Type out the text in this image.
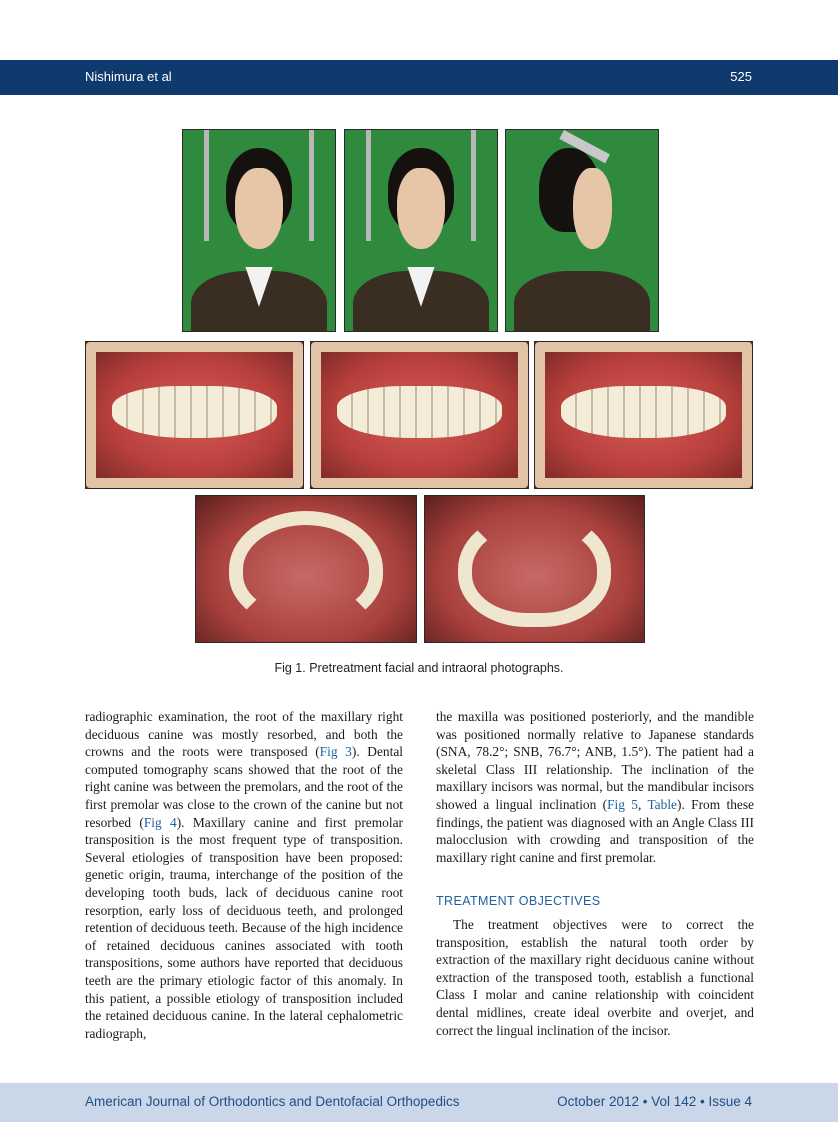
Nishimura et al	525
Fig 1. Pretreatment facial and intraoral photographs.

radiographic examination, the root of the maxillary right deciduous canine was mostly resorbed, and both the crowns and the roots were transposed (Fig 3). Dental computed tomography scans showed that the root of the right canine was between the premolars, and the root of the first premolar was close to the crown of the canine but not resorbed (Fig 4). Maxillary canine and first premolar transposition is the most frequent type of transposition. Several etiologies of transposition have been proposed: genetic origin, trauma, interchange of the position of the developing tooth buds, lack of deciduous canine root resorption, early loss of deciduous teeth, and prolonged retention of deciduous teeth. Because of the high incidence of retained deciduous canines associated with tooth transpositions, some authors have reported that deciduous teeth are the primary etiologic factor of this anomaly. In this patient, a possible etiology of transposition included the retained deciduous canine. In the lateral cephalometric radiograph,

the maxilla was positioned posteriorly, and the mandible was positioned normally relative to Japanese standards (SNA, 78.2°; SNB, 76.7°; ANB, 1.5°). The patient had a skeletal Class III relationship. The inclination of the maxillary incisors was normal, but the mandibular incisors showed a lingual inclination (Fig 5, Table). From these findings, the patient was diagnosed with an Angle Class III malocclusion with crowding and transposition of the maxillary right canine and first premolar.

TREATMENT OBJECTIVES

The treatment objectives were to correct the transposition, establish the natural tooth order by extraction of the maxillary right deciduous canine without extraction of the transposed tooth, establish a functional Class I molar and canine relationship with coincident dental midlines, create ideal overbite and overjet, and correct the lingual inclination of the incisor.

American Journal of Orthodontics and Dentofacial Orthopedics	October 2012 • Vol 142 • Issue 4
